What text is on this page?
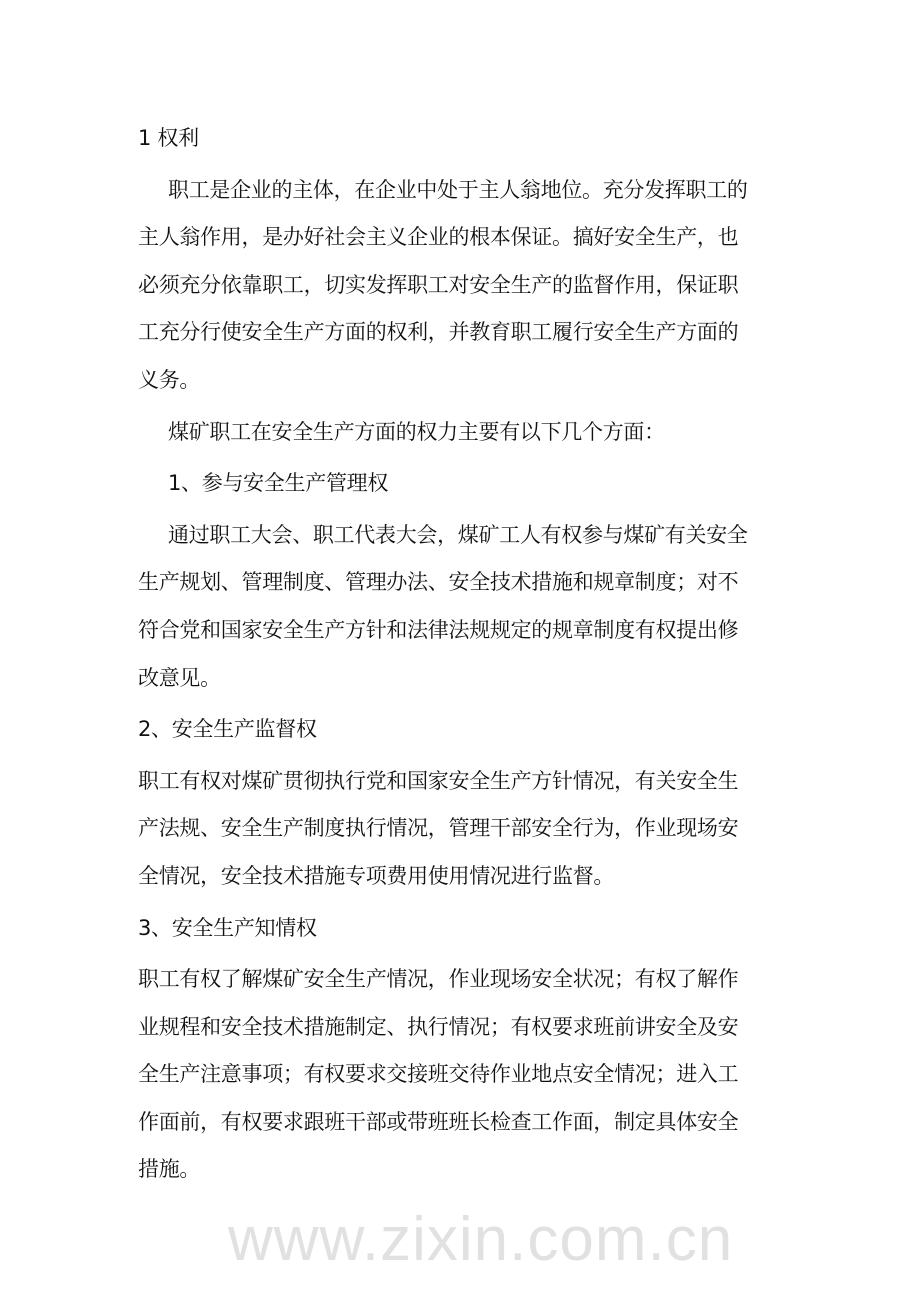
1 权利
职工是企业的主体，在企业中处于主人翁地位。充分发挥职工的
主人翁作用，是办好社会主义企业的根本保证。搞好安全生产，也
必须充分依靠职工，切实发挥职工对安全生产的监督作用，保证职
工充分行使安全生产方面的权利，并教育职工履行安全生产方面的
义务。
煤矿职工在安全生产方面的权力主要有以下几个方面：
1、参与安全生产管理权
通过职工大会、职工代表大会，煤矿工人有权参与煤矿有关安全
生产规划、管理制度、管理办法、安全技术措施和规章制度；对不
符合党和国家安全生产方针和法律法规规定的规章制度有权提出修
改意见。
2、安全生产监督权
职工有权对煤矿贯彻执行党和国家安全生产方针情况，有关安全生
产法规、安全生产制度执行情况，管理干部安全行为，作业现场安
全情况，安全技术措施专项费用使用情况进行监督。
3、安全生产知情权
职工有权了解煤矿安全生产情况，作业现场安全状况；有权了解作
业规程和安全技术措施制定、执行情况；有权要求班前讲安全及安
全生产注意事项；有权要求交接班交待作业地点安全情况；进入工
作面前，有权要求跟班干部或带班班长检查工作面，制定具体安全
措施。
www.zixin.com.cn
